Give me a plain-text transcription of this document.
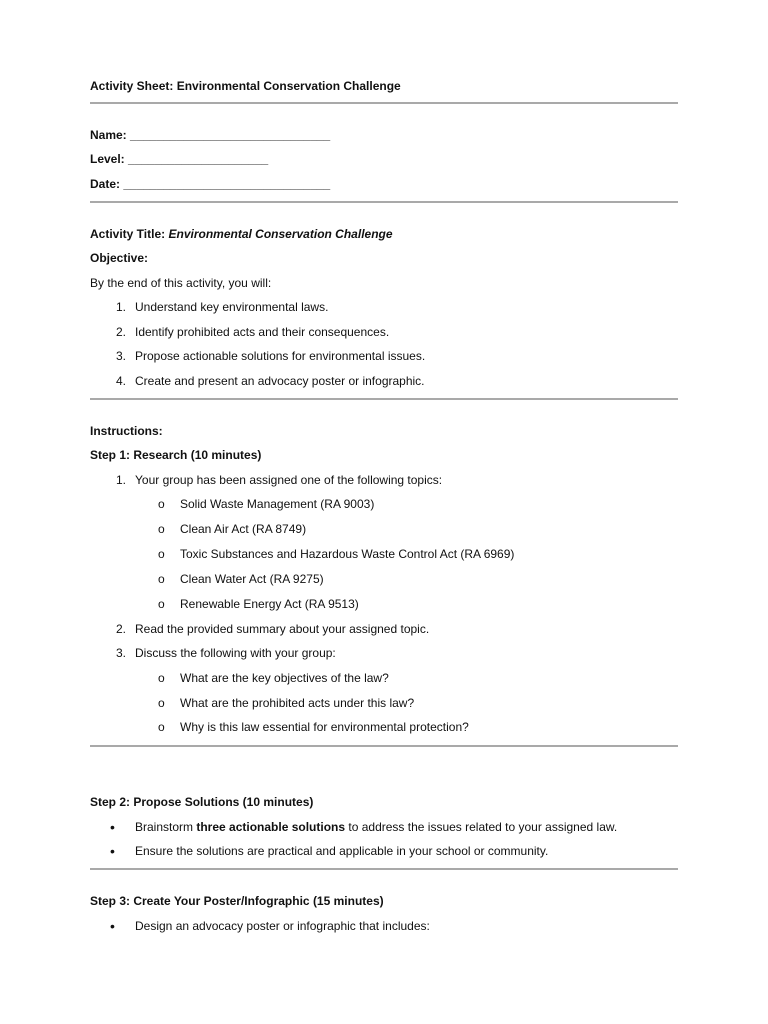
Activity Sheet: Environmental Conservation Challenge
Name: ______________________________
Level: _____________________
Date: _______________________________
Activity Title: Environmental Conservation Challenge
Objective:
By the end of this activity, you will:
1. Understand key environmental laws.
2. Identify prohibited acts and their consequences.
3. Propose actionable solutions for environmental issues.
4. Create and present an advocacy poster or infographic.
Instructions:
Step 1: Research (10 minutes)
1. Your group has been assigned one of the following topics:
o Solid Waste Management (RA 9003)
o Clean Air Act (RA 8749)
o Toxic Substances and Hazardous Waste Control Act (RA 6969)
o Clean Water Act (RA 9275)
o Renewable Energy Act (RA 9513)
2. Read the provided summary about your assigned topic.
3. Discuss the following with your group:
o What are the key objectives of the law?
o What are the prohibited acts under this law?
o Why is this law essential for environmental protection?
Step 2: Propose Solutions (10 minutes)
• Brainstorm three actionable solutions to address the issues related to your assigned law.
• Ensure the solutions are practical and applicable in your school or community.
Step 3: Create Your Poster/Infographic (15 minutes)
• Design an advocacy poster or infographic that includes:
